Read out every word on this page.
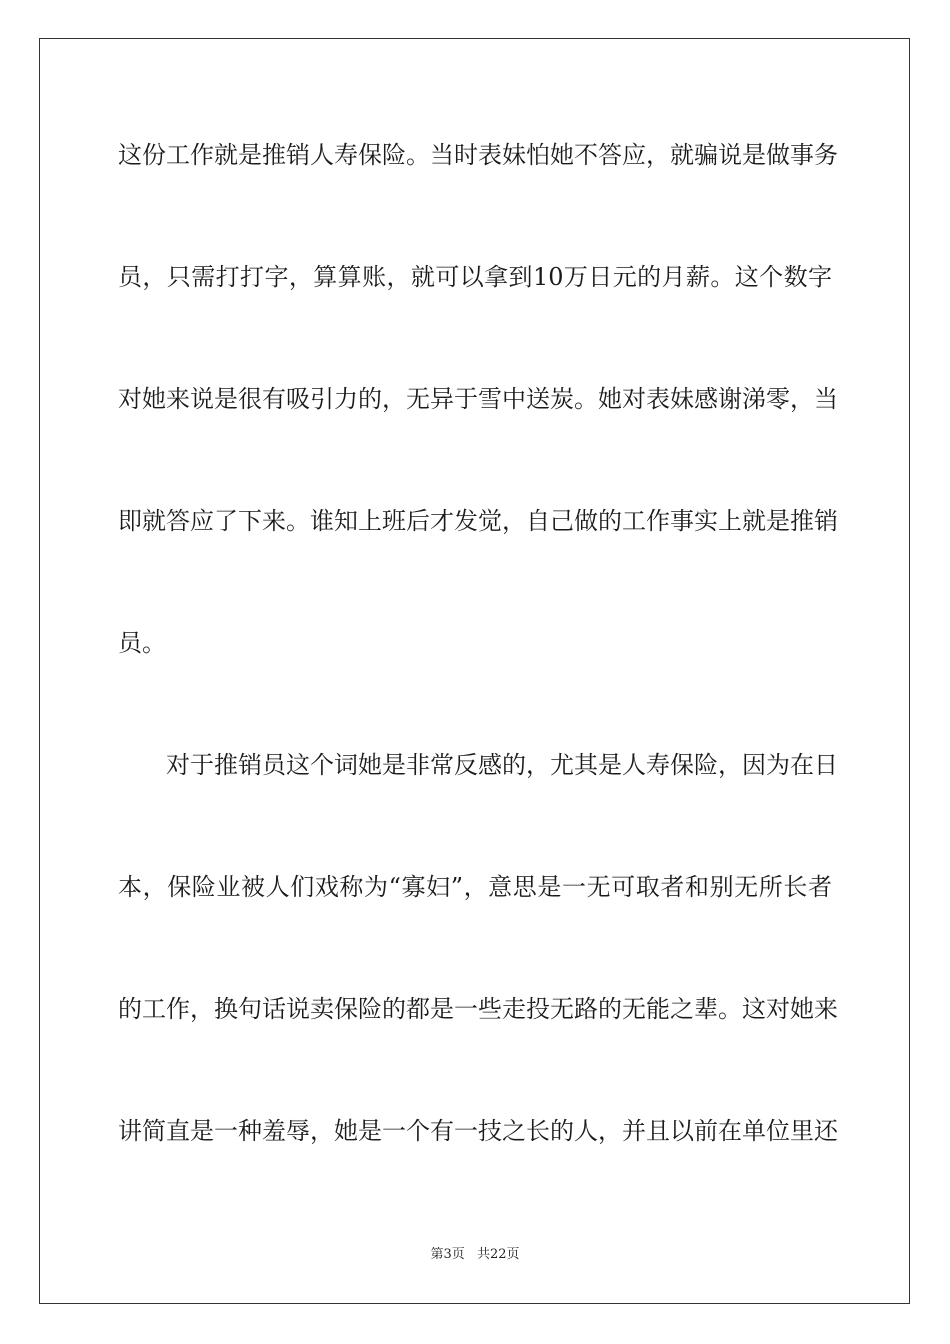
这份工作就是推销人寿保险。当时表妹怕她不答应，就骗说是做事务
员，只需打打字，算算账，就可以拿到10万日元的月薪。这个数字
对她来说是很有吸引力的，无异于雪中送炭。她对表妹感谢涕零，当
即就答应了下来。谁知上班后才发觉，自己做的工作事实上就是推销
员。
对于推销员这个词她是非常反感的，尤其是人寿保险，因为在日
本，保险业被人们戏称为“寡妇”，意思是一无可取者和别无所长者
的工作，换句话说卖保险的都是一些走投无路的无能之辈。这对她来
讲简直是一种羞辱，她是一个有一技之长的人，并且以前在单位里还
第3页 共22页
